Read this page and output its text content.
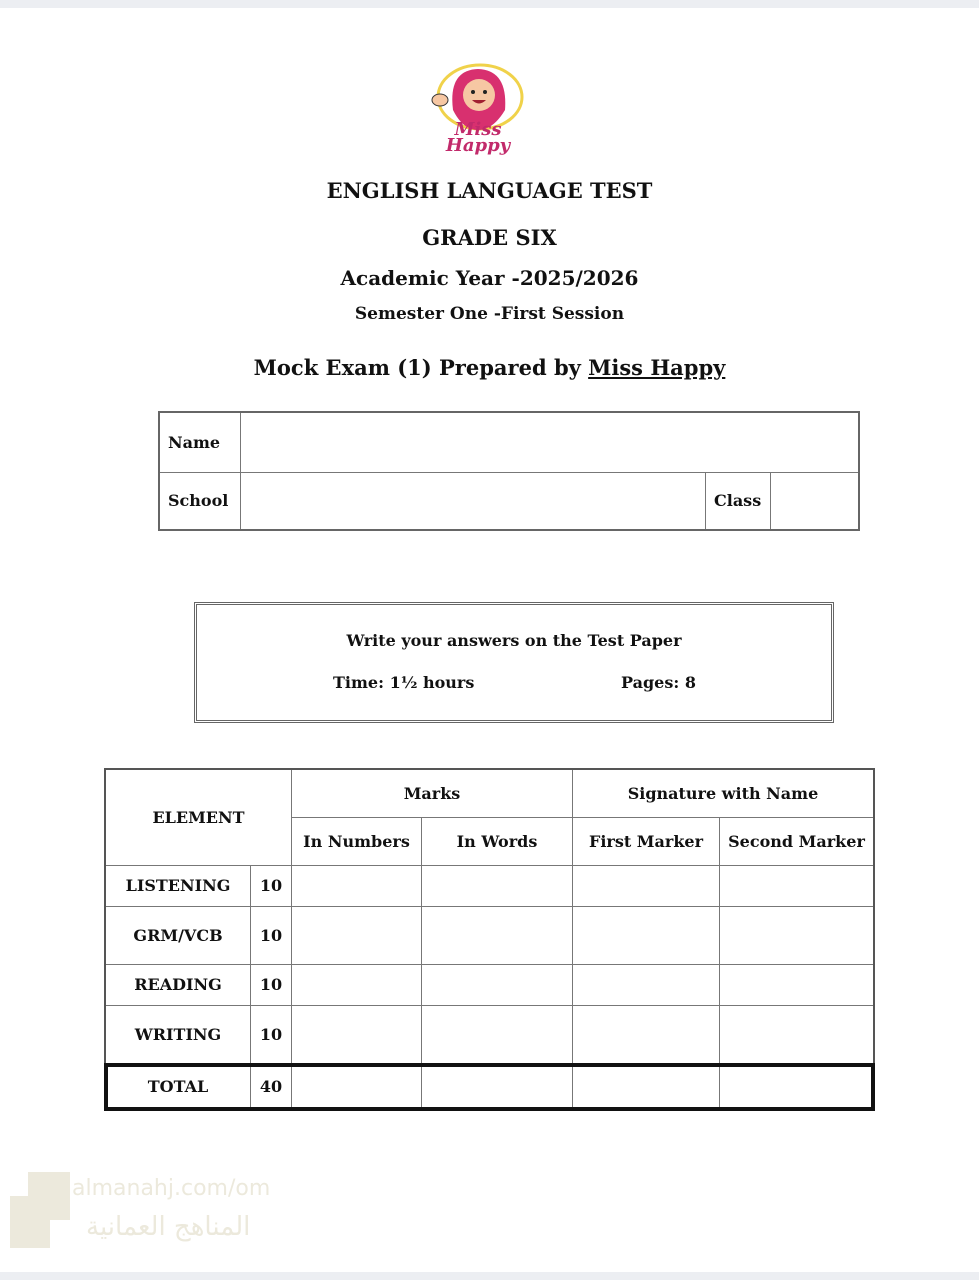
Miss
Happy
ENGLISH LANGUAGE TEST
GRADE SIX
Academic Year -2025/2026
Semester One -First Session
Mock Exam (1) Prepared by Miss Happy
Name			
School		Class	
Write your answers on the Test Paper
Time: 1½ hours	Pages: 8
ELEMENT		Marks		Signature with Name	
		In Numbers	In Words	First Marker	Second Marker
LISTENING	10				
GRM/VCB	10				
READING	10				
WRITING	10				
TOTAL	40				
almanahj.com/om
المناهج العمانية
